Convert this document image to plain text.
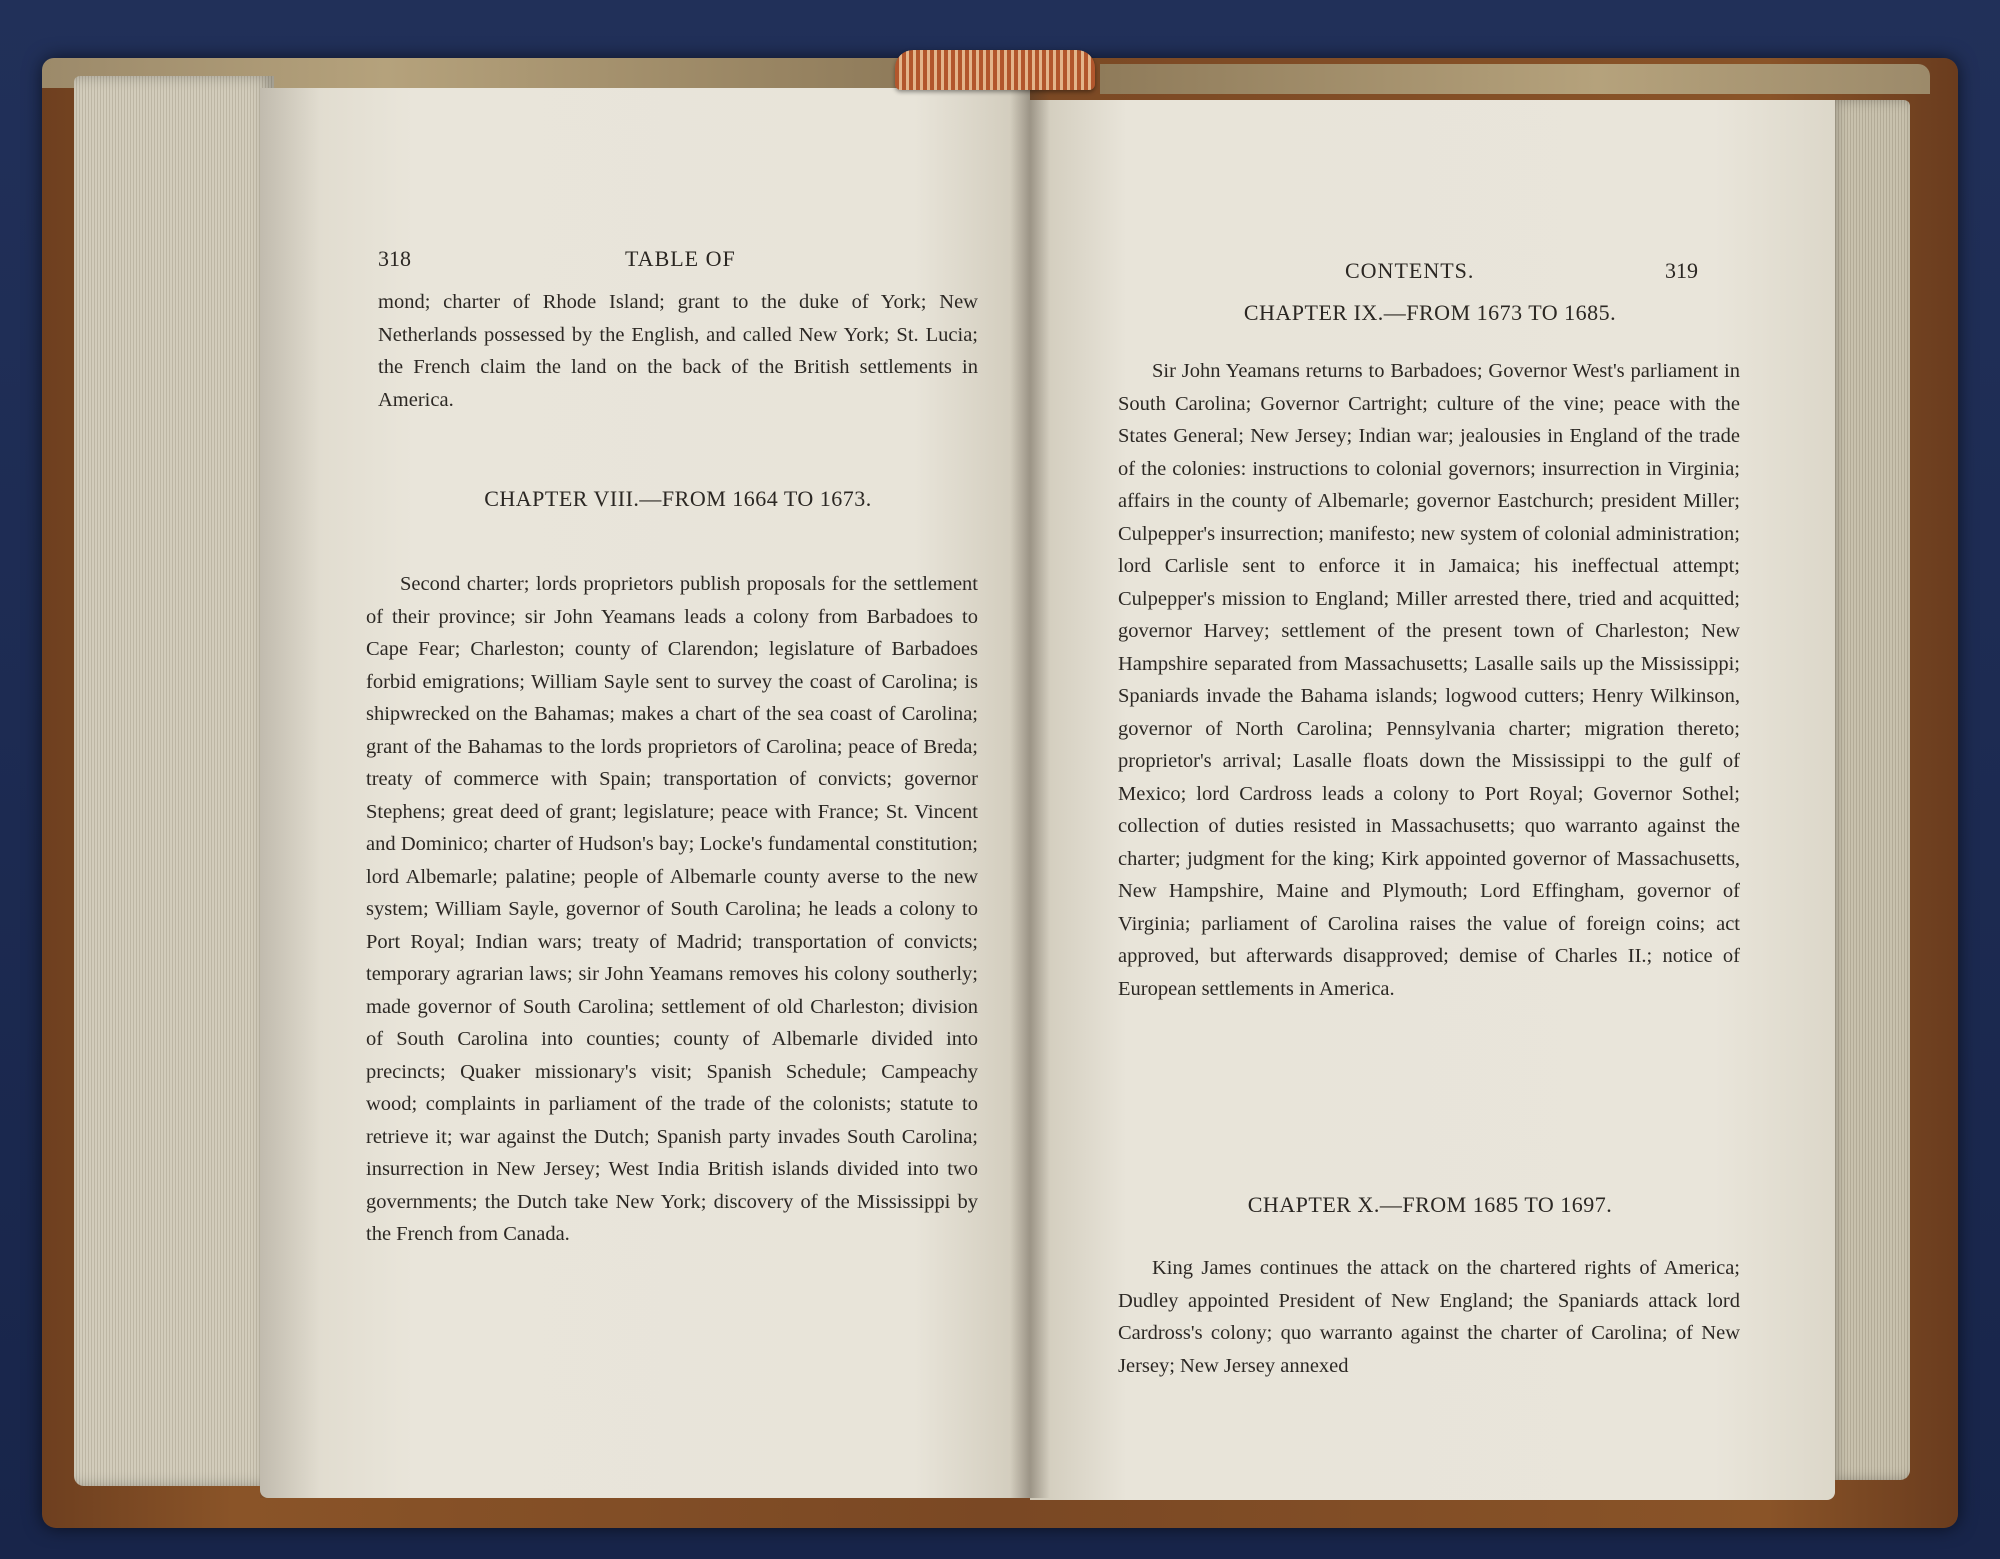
318	TABLE OF

mond; charter of Rhode Island; grant to the duke of York; New Netherlands possessed by the English, and called New York; St. Lucia; the French claim the land on the back of the British settlements in America.

CHAPTER VIII.—FROM 1664 TO 1673.

Second charter; lords proprietors publish proposals for the settlement of their province; sir John Yeamans leads a colony from Barbadoes to Cape Fear; Charleston; county of Clarendon; legislature of Barbadoes forbid emigrations; William Sayle sent to survey the coast of Carolina; is shipwrecked on the Bahamas; makes a chart of the sea coast of Carolina; grant of the Bahamas to the lords proprietors of Carolina; peace of Breda; treaty of commerce with Spain; transportation of convicts; governor Stephens; great deed of grant; legislature; peace with France; St. Vincent and Dominico; charter of Hudson's bay; Locke's fundamental constitution; lord Albemarle; palatine; people of Albemarle county averse to the new system; William Sayle, governor of South Carolina; he leads a colony to Port Royal; Indian wars; treaty of Madrid; transportation of convicts; temporary agrarian laws; sir John Yeamans removes his colony southerly; made governor of South Carolina; settlement of old Charleston; division of South Carolina into counties; county of Albemarle divided into precincts; Quaker missionary's visit; Spanish Schedule; Campeachy wood; complaints in parliament of the trade of the colonists; statute to retrieve it; war against the Dutch; Spanish party invades South Carolina; insurrection in New Jersey; West India British islands divided into two governments; the Dutch take New York; discovery of the Mississippi by the French from Canada.

CONTENTS.	319
CHAPTER IX.—FROM 1673 TO 1685.

Sir John Yeamans returns to Barbadoes; Governor West's parliament in South Carolina; Governor Cartright; culture of the vine; peace with the States General; New Jersey; Indian war; jealousies in England of the trade of the colonies: instructions to colonial governors; insurrection in Virginia; affairs in the county of Albemarle; governor Eastchurch; president Miller; Culpepper's insurrection; manifesto; new system of colonial administration; lord Carlisle sent to enforce it in Jamaica; his ineffectual attempt; Culpepper's mission to England; Miller arrested there, tried and acquitted; governor Harvey; settlement of the present town of Charleston; New Hampshire separated from Massachusetts; Lasalle sails up the Mississippi; Spaniards invade the Bahama islands; logwood cutters; Henry Wilkinson, governor of North Carolina; Pennsylvania charter; migration thereto; proprietor's arrival; Lasalle floats down the Mississippi to the gulf of Mexico; lord Cardross leads a colony to Port Royal; Governor Sothel; collection of duties resisted in Massachusetts; quo warranto against the charter; judgment for the king; Kirk appointed governor of Massachusetts, New Hampshire, Maine and Plymouth; Lord Effingham, governor of Virginia; parliament of Carolina raises the value of foreign coins; act approved, but afterwards disapproved; demise of Charles II.; notice of European settlements in America.

CHAPTER X.—FROM 1685 TO 1697.

King James continues the attack on the chartered rights of America; Dudley appointed President of New England; the Spaniards attack lord Cardross's colony; quo warranto against the charter of Carolina; of New Jersey; New Jersey annexed
